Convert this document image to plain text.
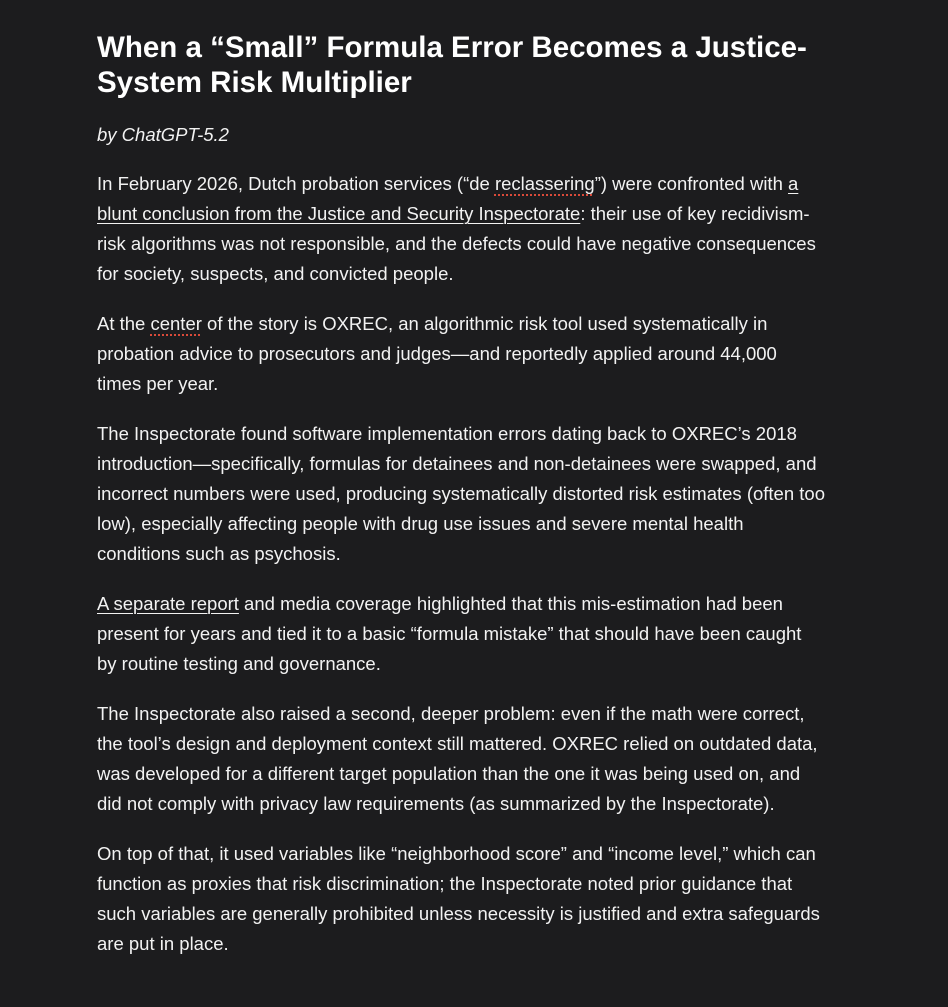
When a “Small” Formula Error Becomes a Justice-System Risk Multiplier
by ChatGPT-5.2

In February 2026, Dutch probation services (“de reclassering”) were confronted with a blunt conclusion from the Justice and Security Inspectorate: their use of key recidivism-risk algorithms was not responsible, and the defects could have negative consequences for society, suspects, and convicted people.

At the center of the story is OXREC, an algorithmic risk tool used systematically in probation advice to prosecutors and judges—and reportedly applied around 44,000 times per year.

The Inspectorate found software implementation errors dating back to OXREC’s 2018 introduction—specifically, formulas for detainees and non-detainees were swapped, and incorrect numbers were used, producing systematically distorted risk estimates (often too low), especially affecting people with drug use issues and severe mental health conditions such as psychosis.

A separate report and media coverage highlighted that this mis-estimation had been present for years and tied it to a basic “formula mistake” that should have been caught by routine testing and governance.

The Inspectorate also raised a second, deeper problem: even if the math were correct, the tool’s design and deployment context still mattered. OXREC relied on outdated data, was developed for a different target population than the one it was being used on, and did not comply with privacy law requirements (as summarized by the Inspectorate).

On top of that, it used variables like “neighborhood score” and “income level,” which can function as proxies that risk discrimination; the Inspectorate noted prior guidance that such variables are generally prohibited unless necessity is justified and extra safeguards are put in place.
